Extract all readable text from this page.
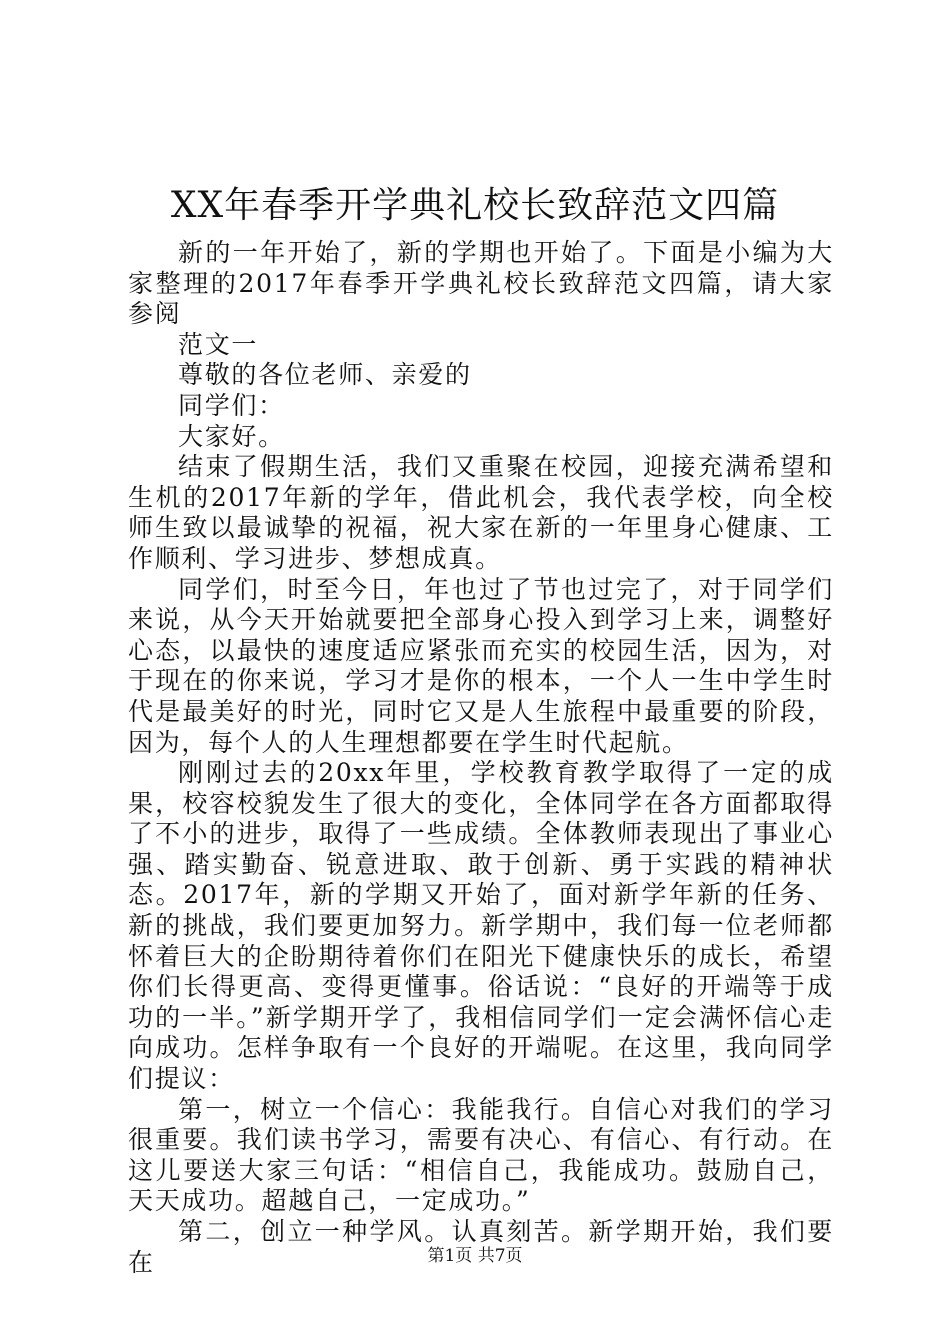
XX年春季开学典礼校长致辞范文四篇

新的一年开始了，新的学期也开始了。下面是小编为大家整理的2017年春季开学典礼校长致辞范文四篇，请大家参阅

范文一

尊敬的各位老师、亲爱的

同学们：

大家好。

结束了假期生活，我们又重聚在校园，迎接充满希望和生机的2017年新的学年，借此机会，我代表学校，向全校师生致以最诚挚的祝福，祝大家在新的一年里身心健康、工作顺利、学习进步、梦想成真。

同学们，时至今日，年也过了节也过完了，对于同学们来说，从今天开始就要把全部身心投入到学习上来，调整好心态，以最快的速度适应紧张而充实的校园生活，因为，对于现在的你来说，学习才是你的根本，一个人一生中学生时代是最美好的时光，同时它又是人生旅程中最重要的阶段，因为，每个人的人生理想都要在学生时代起航。

刚刚过去的20xx年里，学校教育教学取得了一定的成果，校容校貌发生了很大的变化，全体同学在各方面都取得了不小的进步，取得了一些成绩。全体教师表现出了事业心强、踏实勤奋、锐意进取、敢于创新、勇于实践的精神状态。2017年，新的学期又开始了，面对新学年新的任务、新的挑战，我们要更加努力。新学期中，我们每一位老师都怀着巨大的企盼期待着你们在阳光下健康快乐的成长，希望你们长得更高、变得更懂事。俗话说：“良好的开端等于成功的一半。”新学期开学了，我相信同学们一定会满怀信心走向成功。怎样争取有一个良好的开端呢。在这里，我向同学们提议：

第一，树立一个信心：我能我行。自信心对我们的学习很重要。我们读书学习，需要有决心、有信心、有行动。在这儿要送大家三句话：“相信自己，我能成功。鼓励自己，天天成功。超越自己，一定成功。”

第二，创立一种学风。认真刻苦。新学期开始，我们要在	第1页 共7页
